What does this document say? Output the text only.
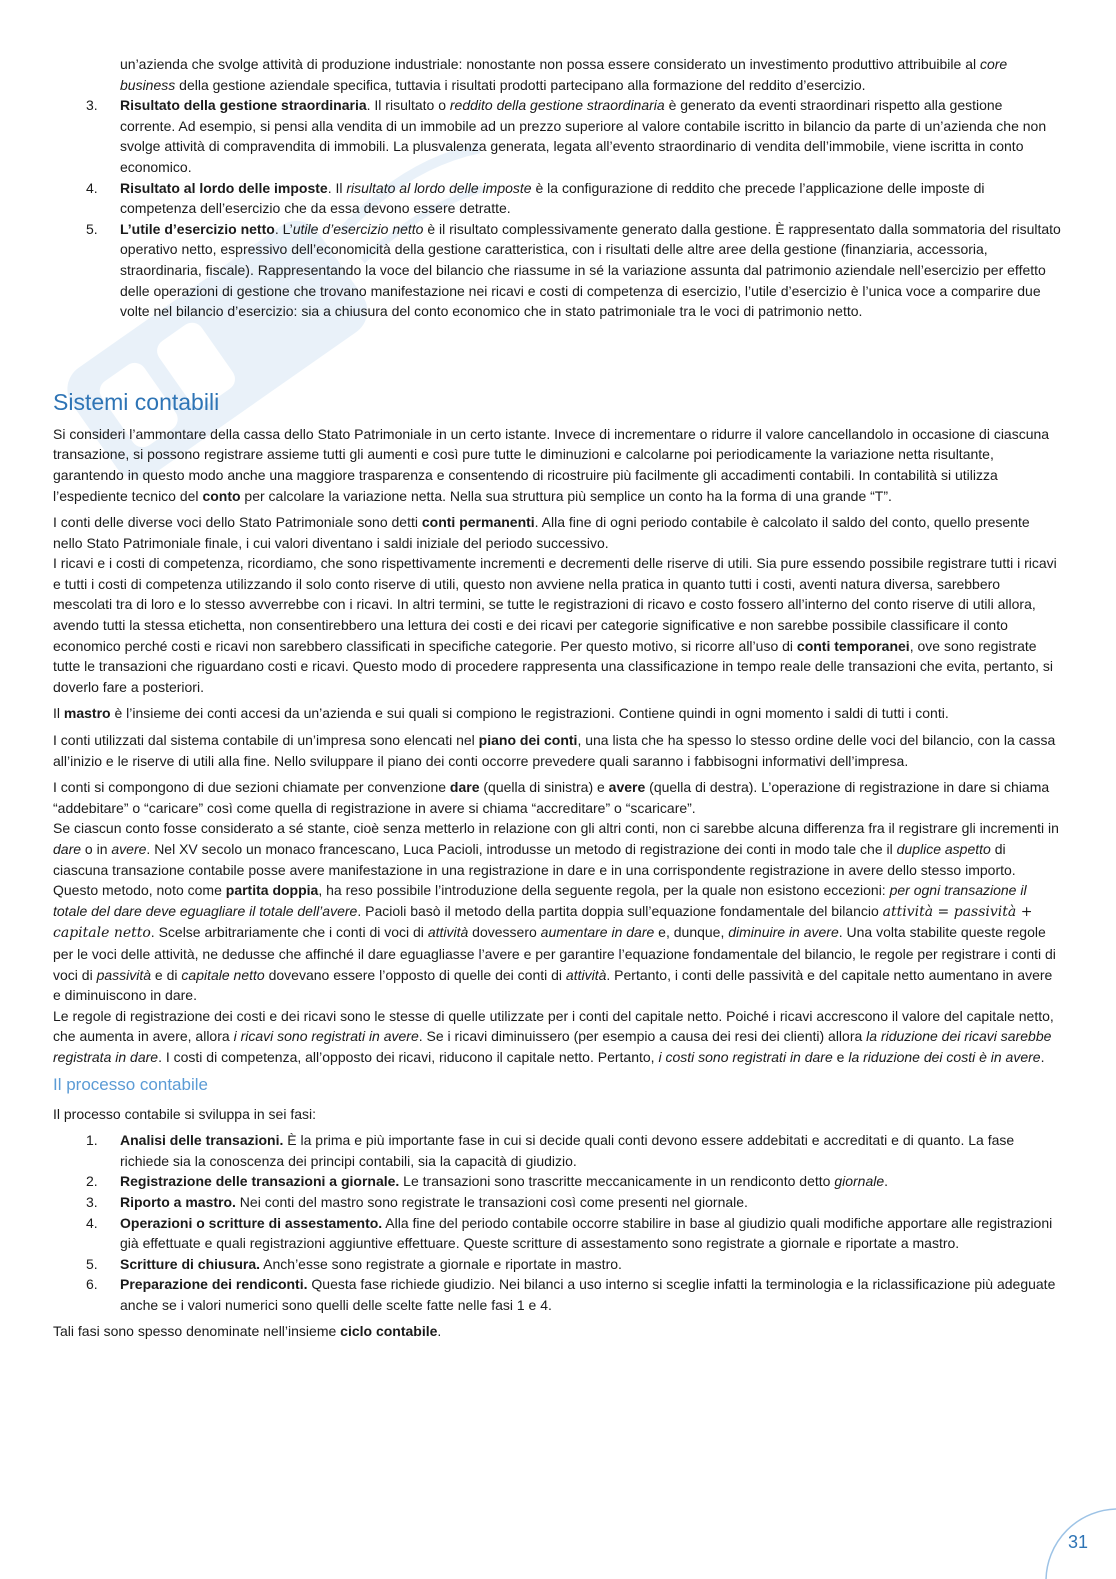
un’azienda che svolge attività di produzione industriale: nonostante non possa essere considerato un investimento produttivo attribuibile al core business della gestione aziendale specifica, tuttavia i risultati prodotti partecipano alla formazione del reddito d’esercizio.

3. Risultato della gestione straordinaria. Il risultato o reddito della gestione straordinaria è generato da eventi straordinari rispetto alla gestione corrente. Ad esempio, si pensi alla vendita di un immobile ad un prezzo superiore al valore contabile iscritto in bilancio da parte di un’azienda che non svolge attività di compravendita di immobili. La plusvalenza generata, legata all’evento straordinario di vendita dell’immobile, viene iscritta in conto economico.
4. Risultato al lordo delle imposte. Il risultato al lordo delle imposte è la configurazione di reddito che precede l’applicazione delle imposte di competenza dell’esercizio che da essa devono essere detratte.
5. L’utile d’esercizio netto. L’utile d’esercizio netto è il risultato complessivamente generato dalla gestione. È rappresentato dalla sommatoria del risultato operativo netto, espressivo dell’economicità della gestione caratteristica, con i risultati delle altre aree della gestione (finanziaria, accessoria, straordinaria, fiscale). Rappresentando la voce del bilancio che riassume in sé la variazione assunta dal patrimonio aziendale nell’esercizio per effetto delle operazioni di gestione che trovano manifestazione nei ricavi e costi di competenza di esercizio, l’utile d’esercizio è l’unica voce a comparire due volte nel bilancio d’esercizio: sia a chiusura del conto economico che in stato patrimoniale tra le voci di patrimonio netto.
Sistemi contabili

Si consideri l’ammontare della cassa dello Stato Patrimoniale in un certo istante. Invece di incrementare o ridurre il valore cancellandolo in occasione di ciascuna transazione, si possono registrare assieme tutti gli aumenti e così pure tutte le diminuzioni e calcolarne poi periodicamente la variazione netta risultante, garantendo in questo modo anche una maggiore trasparenza e consentendo di ricostruire più facilmente gli accadimenti contabili. In contabilità si utilizza l’espediente tecnico del conto per calcolare la variazione netta. Nella sua struttura più semplice un conto ha la forma di una grande “T”.

I conti delle diverse voci dello Stato Patrimoniale sono detti conti permanenti. Alla fine di ogni periodo contabile è calcolato il saldo del conto, quello presente nello Stato Patrimoniale finale, i cui valori diventano i saldi iniziale del periodo successivo.

I ricavi e i costi di competenza, ricordiamo, che sono rispettivamente incrementi e decrementi delle riserve di utili. Sia pure essendo possibile registrare tutti i ricavi e tutti i costi di competenza utilizzando il solo conto riserve di utili, questo non avviene nella pratica in quanto tutti i costi, aventi natura diversa, sarebbero mescolati tra di loro e lo stesso avverrebbe con i ricavi. In altri termini, se tutte le registrazioni di ricavo e costo fossero all’interno del conto riserve di utili allora, avendo tutti la stessa etichetta, non consentirebbero una lettura dei costi e dei ricavi per categorie significative e non sarebbe possibile classificare il conto economico perché costi e ricavi non sarebbero classificati in specifiche categorie. Per questo motivo, si ricorre all’uso di conti temporanei, ove sono registrate tutte le transazioni che riguardano costi e ricavi. Questo modo di procedere rappresenta una classificazione in tempo reale delle transazioni che evita, pertanto, si doverlo fare a posteriori.

Il mastro è l’insieme dei conti accesi da un’azienda e sui quali si compiono le registrazioni. Contiene quindi in ogni momento i saldi di tutti i conti.

I conti utilizzati dal sistema contabile di un’impresa sono elencati nel piano dei conti, una lista che ha spesso lo stesso ordine delle voci del bilancio, con la cassa all’inizio e le riserve di utili alla fine. Nello sviluppare il piano dei conti occorre prevedere quali saranno i fabbisogni informativi dell’impresa.

I conti si compongono di due sezioni chiamate per convenzione dare (quella di sinistra) e avere (quella di destra). L’operazione di registrazione in dare si chiama “addebitare” o “caricare” così come quella di registrazione in avere si chiama “accreditare” o “scaricare”.

Se ciascun conto fosse considerato a sé stante, cioè senza metterlo in relazione con gli altri conti, non ci sarebbe alcuna differenza fra il registrare gli incrementi in dare o in avere. Nel XV secolo un monaco francescano, Luca Pacioli, introdusse un metodo di registrazione dei conti in modo tale che il duplice aspetto di ciascuna transazione contabile posse avere manifestazione in una registrazione in dare e in una corrispondente registrazione in avere dello stesso importo. Questo metodo, noto come partita doppia, ha reso possibile l’introduzione della seguente regola, per la quale non esistono eccezioni: per ogni transazione il totale del dare deve eguagliare il totale dell’avere. Pacioli basò il metodo della partita doppia sull’equazione fondamentale del bilancio attività = passività + capitale netto. Scelse arbitrariamente che i conti di voci di attività dovessero aumentare in dare e, dunque, diminuire in avere. Una volta stabilite queste regole per le voci delle attività, ne dedusse che affinché il dare eguagliasse l’avere e per garantire l’equazione fondamentale del bilancio, le regole per registrare i conti di voci di passività e di capitale netto dovevano essere l’opposto di quelle dei conti di attività. Pertanto, i conti delle passività e del capitale netto aumentano in avere e diminuiscono in dare.

Le regole di registrazione dei costi e dei ricavi sono le stesse di quelle utilizzate per i conti del capitale netto. Poiché i ricavi accrescono il valore del capitale netto, che aumenta in avere, allora i ricavi sono registrati in avere. Se i ricavi diminuissero (per esempio a causa dei resi dei clienti) allora la riduzione dei ricavi sarebbe registrata in dare. I costi di competenza, all’opposto dei ricavi, riducono il capitale netto. Pertanto, i costi sono registrati in dare e la riduzione dei costi è in avere.

Il processo contabile

Il processo contabile si sviluppa in sei fasi:

1. Analisi delle transazioni. È la prima e più importante fase in cui si decide quali conti devono essere addebitati e accreditati e di quanto. La fase richiede sia la conoscenza dei principi contabili, sia la capacità di giudizio.
2. Registrazione delle transazioni a giornale. Le transazioni sono trascritte meccanicamente in un rendiconto detto giornale.
3. Riporto a mastro. Nei conti del mastro sono registrate le transazioni così come presenti nel giornale.
4. Operazioni o scritture di assestamento. Alla fine del periodo contabile occorre stabilire in base al giudizio quali modifiche apportare alle registrazioni già effettuate e quali registrazioni aggiuntive effettuare. Queste scritture di assestamento sono registrate a giornale e riportate a mastro.
5. Scritture di chiusura. Anch’esse sono registrate a giornale e riportate in mastro.
6. Preparazione dei rendiconti. Questa fase richiede giudizio. Nei bilanci a uso interno si sceglie infatti la terminologia e la riclassificazione più adeguate anche se i valori numerici sono quelli delle scelte fatte nelle fasi 1 e 4.

Tali fasi sono spesso denominate nell’insieme ciclo contabile.

31
